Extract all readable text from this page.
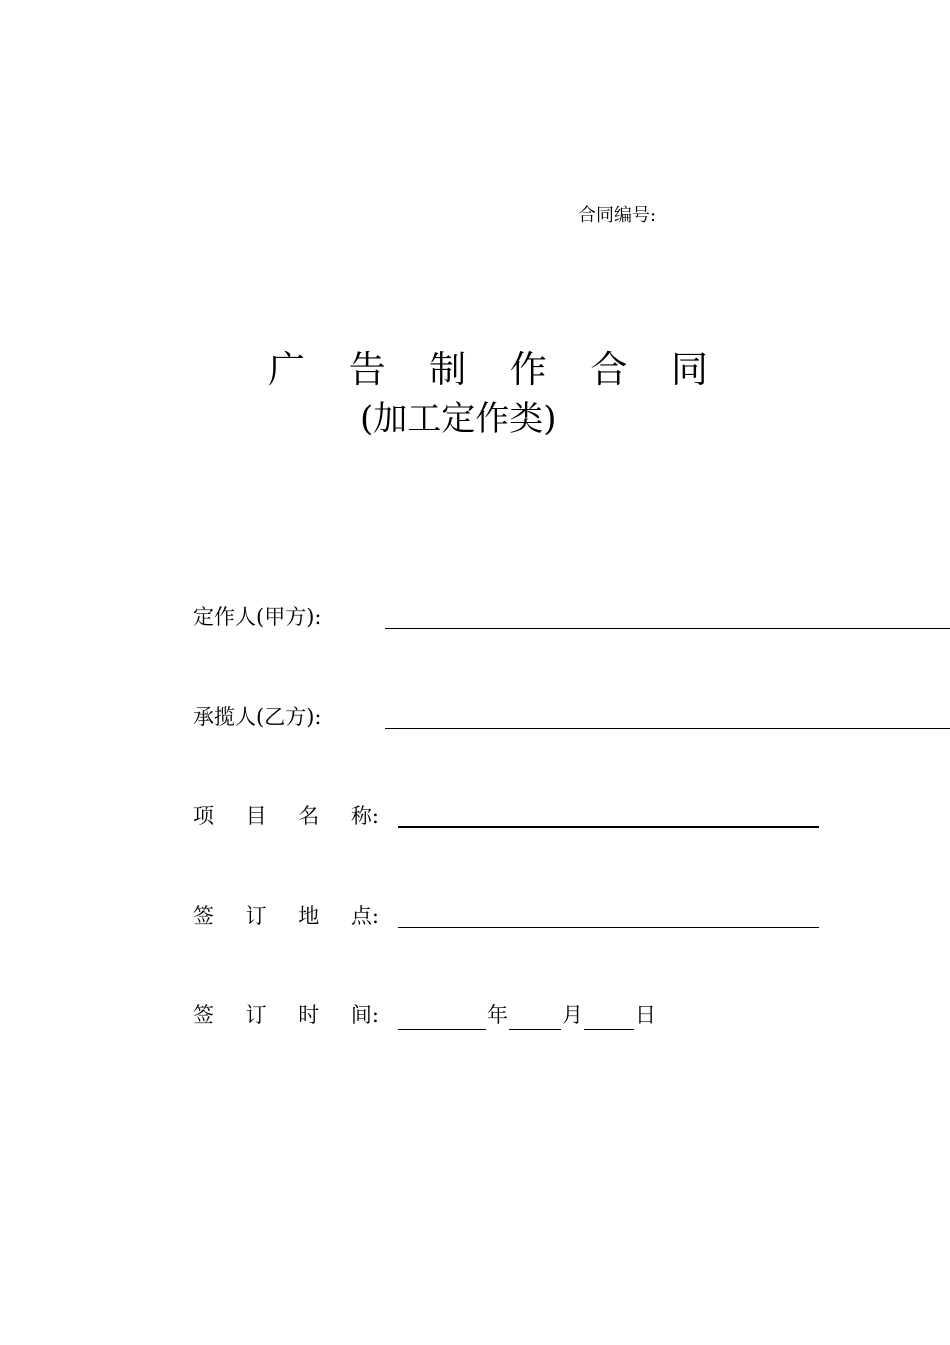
合同编号:
广 告 制 作 合 同
(加工定作类)
定作人(甲方):
承揽人(乙方):
项 目 名 称:
签 订 地 点:
签 订 时 间:	年	月 日
